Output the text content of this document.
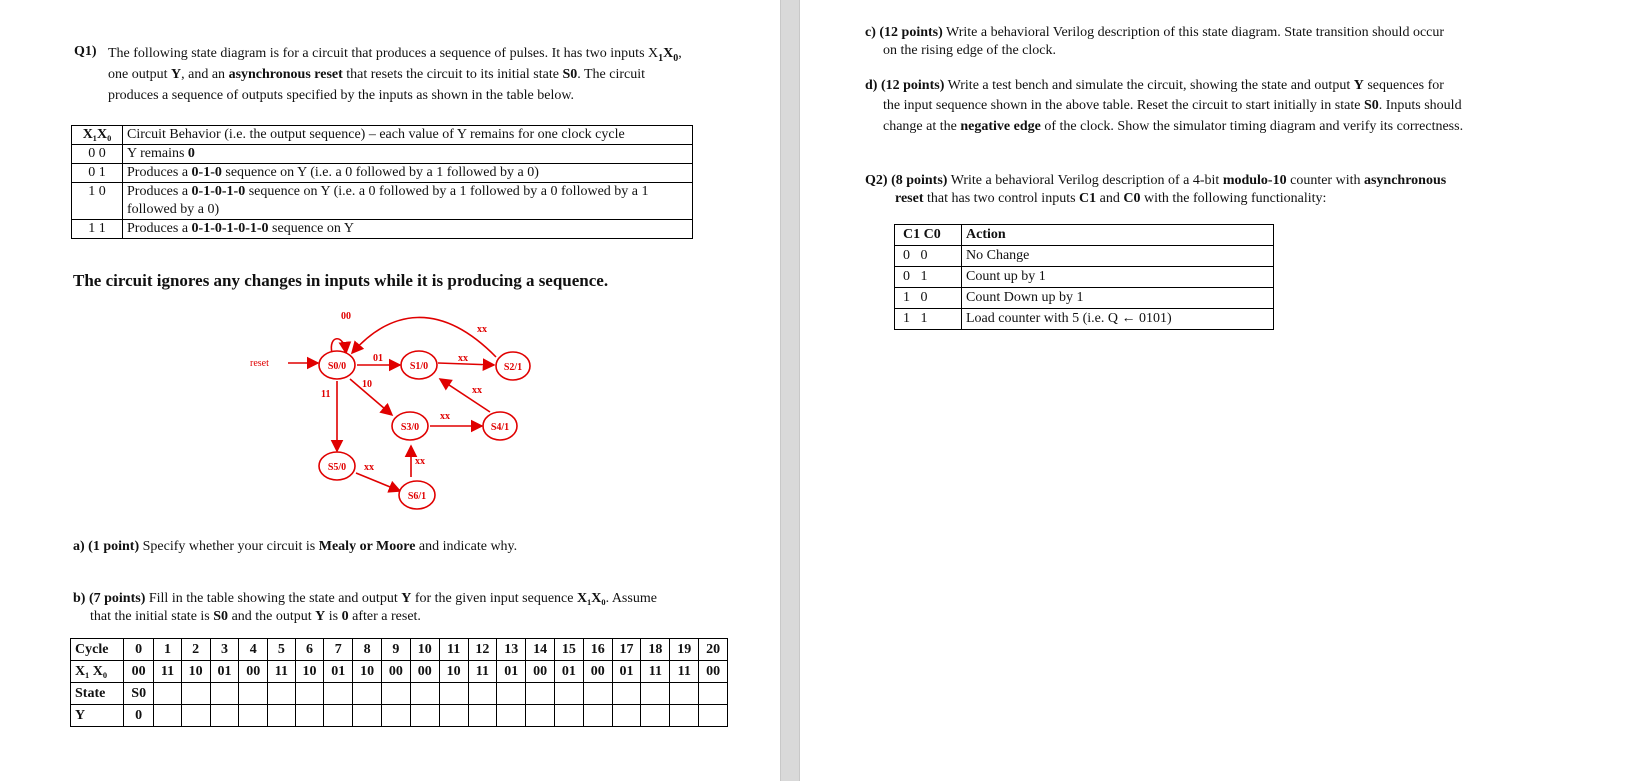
Q1) The following state diagram is for a circuit that produces a sequence of pulses. It has two inputs $X_1X_0$,
one output Y, and an asynchronous reset that resets the circuit to its initial state S0. The circuit
produces a sequence of outputs specified by the inputs as shown in the table below.
X₁X₀	Circuit Behavior (i.e. the output sequence) – each value of Y remains for one clock cycle
0 0	Y remains 0
0 1	Produces a 0-1-0 sequence on Y (i.e. a 0 followed by a 1 followed by a 0)
1 0	Produces a 0-1-0-1-0 sequence on Y (i.e. a 0 followed by a 1 followed by a 0 followed by a 1 followed by a 0)
1 1	Produces a 0-1-0-1-0-1-0 sequence on Y
The circuit ignores any changes in inputs while it is producing a sequence.
S0/0	S1/0	S2/1
S3/0	S4/1
S5/0
S6/1
reset
00
01
10
11
xx
xx
xx
xx
xx
xx
a) (1 point) Specify whether your circuit is Mealy or Moore and indicate why.
b) (7 points) Fill in the table showing the state and output Y for the given input sequence X₁X₀. Assume
that the initial state is S0 and the output Y is 0 after a reset.
Cycle	0	1	2	3	4	5	6	7	8	9	10	11	12	13	14	15	16	17	18	19	20
X₁ X₀	00	11	10	01	00	11	10	01	10	00	00	10	11	01	00	01	00	01	11	11	00
State	S0																				
Y	0																				
c) (12 points) Write a behavioral Verilog description of this state diagram. State transition should occur
on the rising edge of the clock.
d) (12 points) Write a test bench and simulate the circuit, showing the state and output Y sequences for
the input sequence shown in the above table. Reset the circuit to start initially in state S0. Inputs should
change at the negative edge of the clock. Show the simulator timing diagram and verify its correctness.
Q2) (8 points) Write a behavioral Verilog description of a 4-bit modulo-10 counter with asynchronous
reset that has two control inputs C1 and C0 with the following functionality:
C1 C0	Action
0   0	No Change
0   1	Count up by 1
1   0	Count Down up by 1
1   1	Load counter with 5 (i.e. Q ← 0101)
